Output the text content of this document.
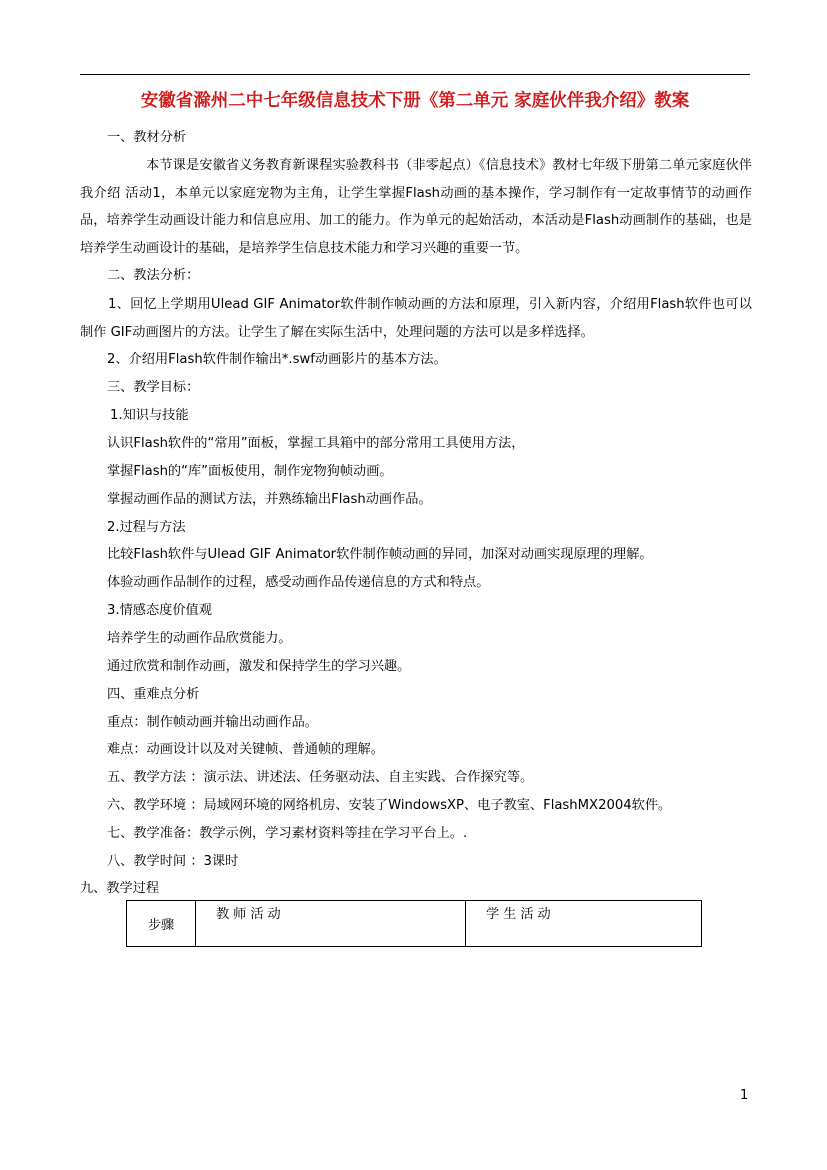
安徽省滁州二中七年级信息技术下册《第二单元 家庭伙伴我介绍》教案
一、教材分析
本节课是安徽省义务教育新课程实验教科书（非零起点）《信息技术》教材七年级下册第二单元家庭伙伴我介绍 活动1，本单元以家庭宠物为主角，让学生掌握Flash动画的基本操作，学习制作有一定故事情节的动画作品，培养学生动画设计能力和信息应用、加工的能力。作为单元的起始活动，本活动是Flash动画制作的基础，也是培养学生动画设计的基础，是培养学生信息技术能力和学习兴趣的重要一节。
二、教法分析：
1、回忆上学期用Ulead GIF Animator软件制作帧动画的方法和原理，引入新内容，介绍用Flash软件也可以制作 GIF动画图片的方法。让学生了解在实际生活中，处理问题的方法可以是多样选择。
2、介绍用Flash软件制作输出*.swf动画影片的基本方法。
三、教学目标：
1.知识与技能
认识Flash软件的“常用”面板，掌握工具箱中的部分常用工具使用方法，
掌握Flash的“库”面板使用，制作宠物狗帧动画。
掌握动画作品的测试方法，并熟练输出Flash动画作品。
2.过程与方法
比较Flash软件与Ulead GIF Animator软件制作帧动画的异同，加深对动画实现原理的理解。
体验动画作品制作的过程，感受动画作品传递信息的方式和特点。
3.情感态度价值观
培养学生的动画作品欣赏能力。
通过欣赏和制作动画，激发和保持学生的学习兴趣。
四、重难点分析
重点：制作帧动画并输出动画作品。
难点：动画设计以及对关键帧、普通帧的理解。
五、教学方法 ：演示法、讲述法、任务驱动法、自主实践、合作探究等。
六、教学环境 ：局域网环境的网络机房、安装了WindowsXP、电子教室、FlashMX2004软件。
七、教学准备：教学示例，学习素材资料等挂在学习平台上。.
八、教学时间 ：3课时
九、教学过程
步骤	教师活动	学生活动
1
